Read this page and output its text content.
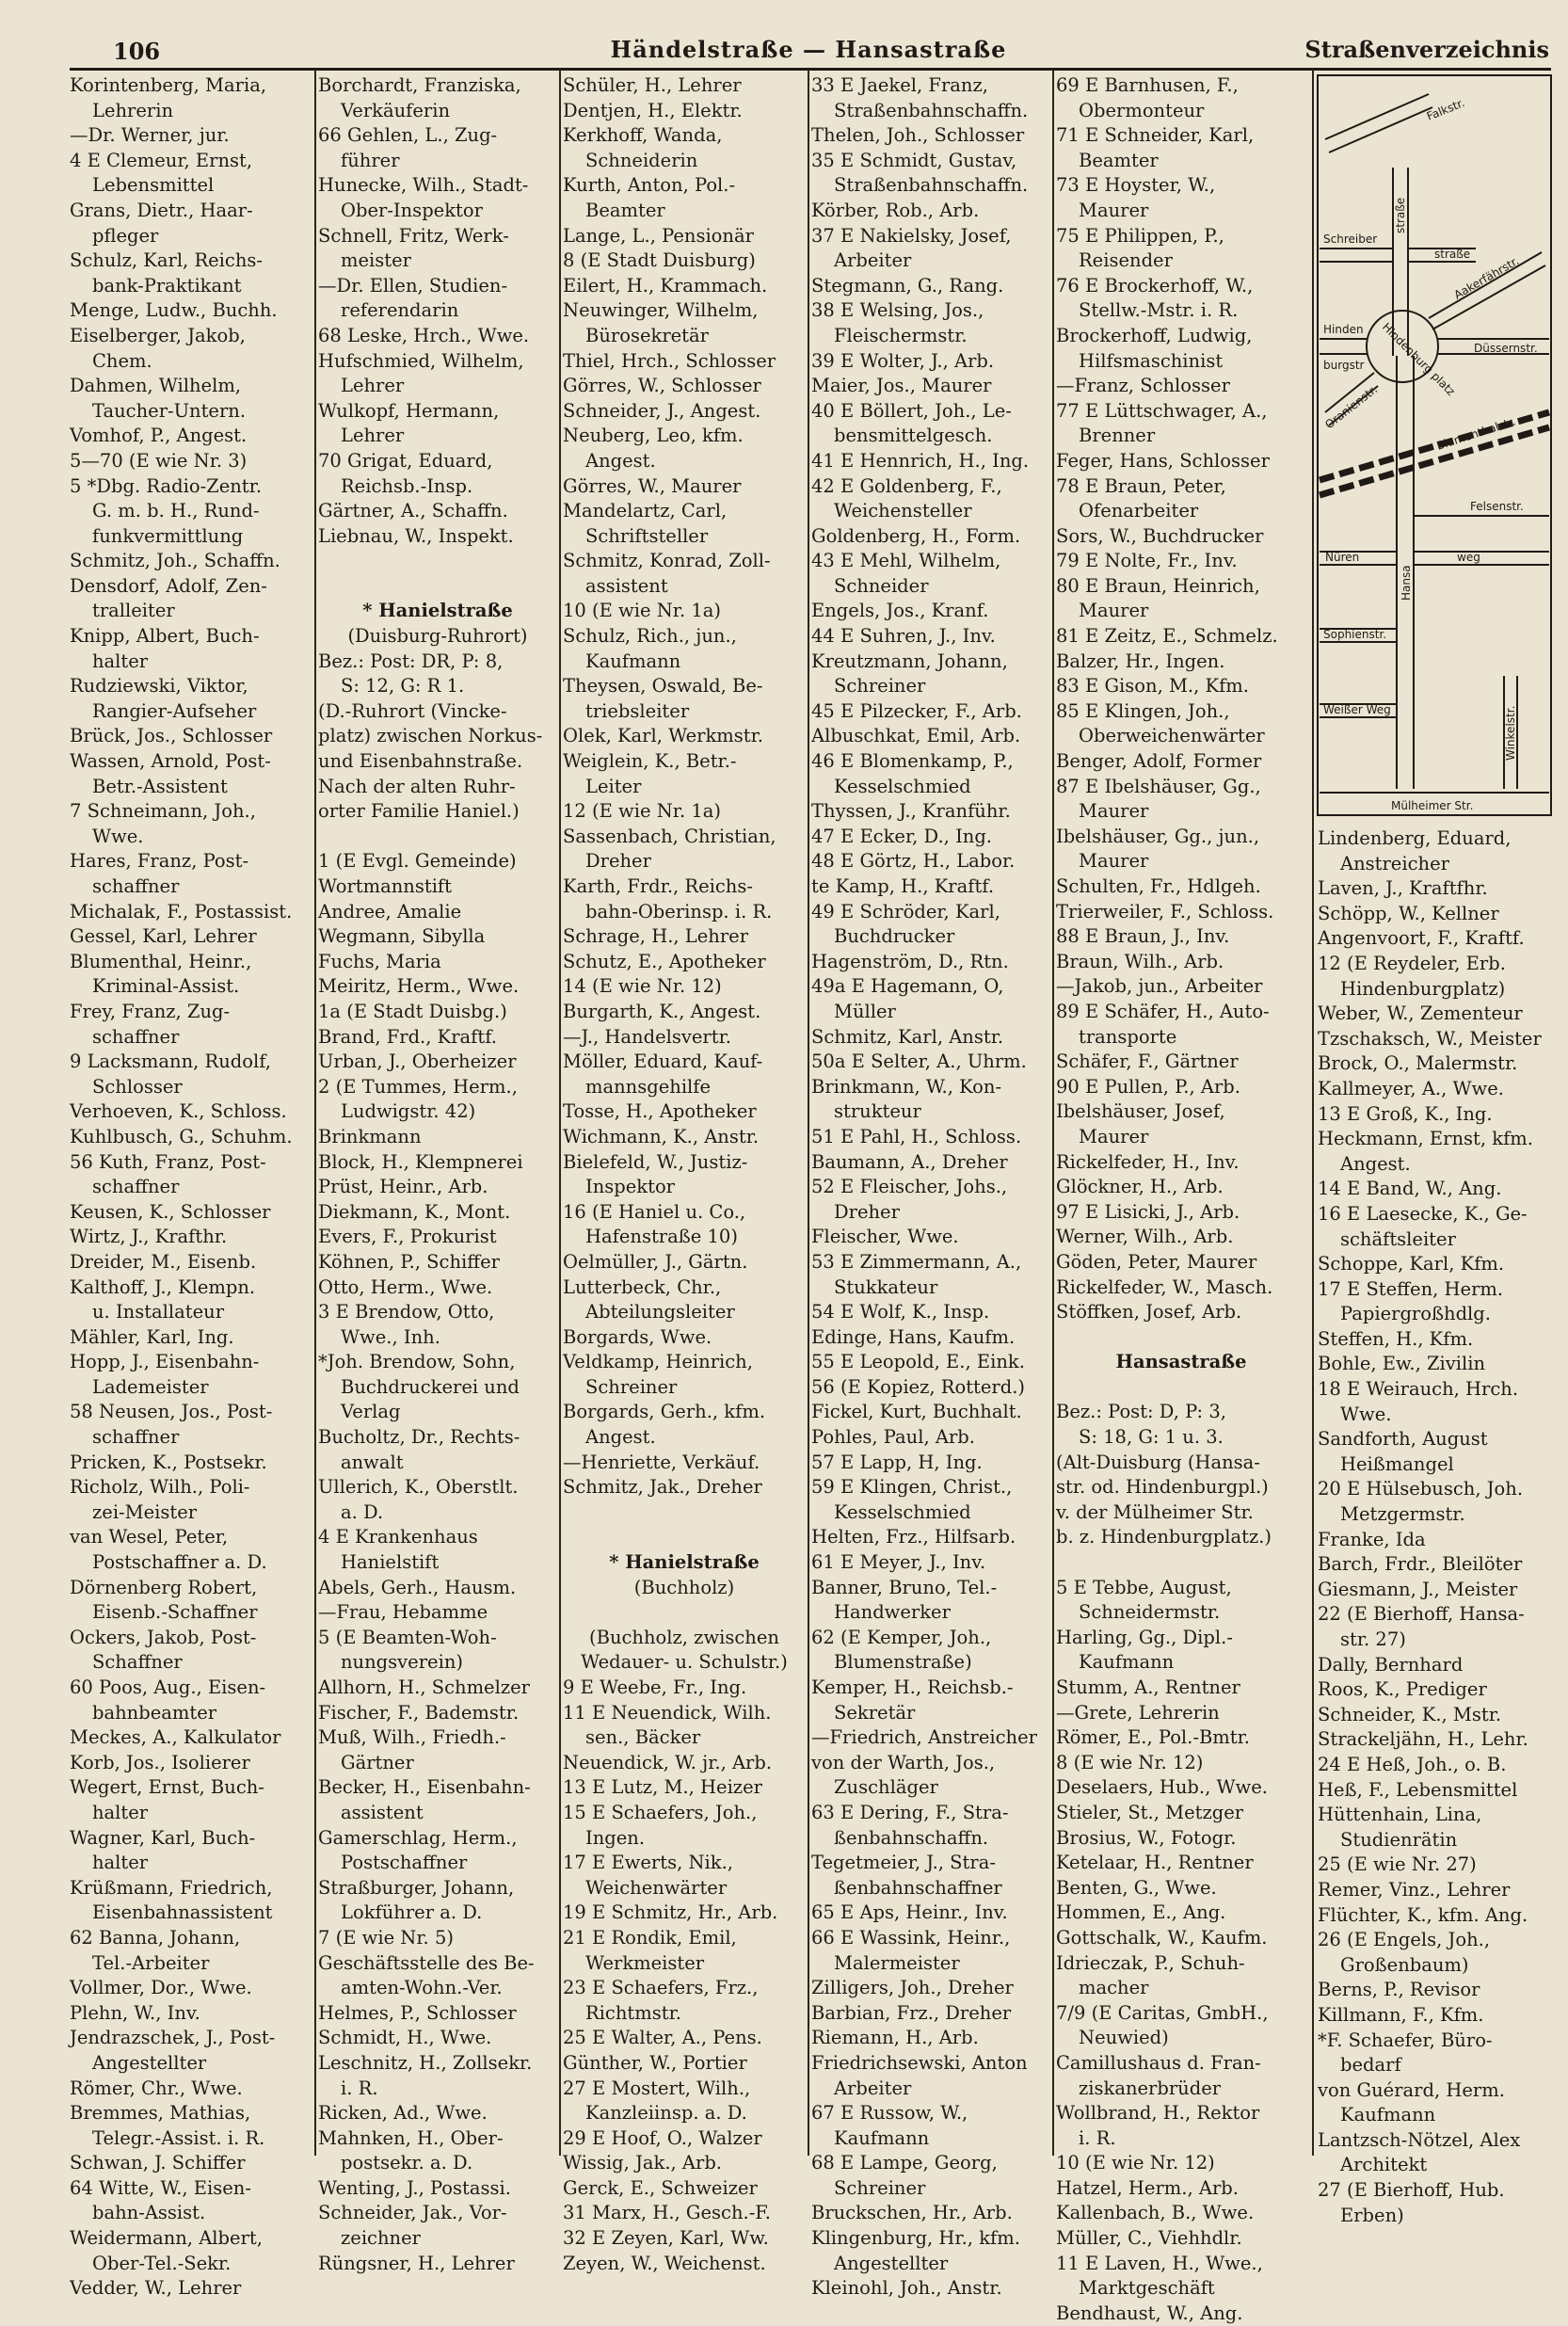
106	Händelstraße — Hansastraße	Straßenverzeichnis
Korintenberg, Maria,
Lehrerin
—Dr. Werner, jur.
4 E Clemeur, Ernst,
Lebensmittel
Grans, Dietr., Haar-
pfleger
Schulz, Karl, Reichs-
bank-Praktikant
Menge, Ludw., Buchh.
Eiselberger, Jakob,
Chem.
Dahmen, Wilhelm,
Taucher-Untern.
Vomhof, P., Angest.
5—70 (E wie Nr. 3)
5 *Dbg. Radio-Zentr.
G. m. b. H., Rund-
funkvermittlung
Schmitz, Joh., Schaffn.
Densdorf, Adolf, Zen-
tralleiter
Knipp, Albert, Buch-
halter
Rudziewski, Viktor,
Rangier-Aufseher
Brück, Jos., Schlosser
Wassen, Arnold, Post-
Betr.-Assistent
7 Schneimann, Joh.,
Wwe.
Hares, Franz, Post-
schaffner
Michalak, F., Postassist.
Gessel, Karl, Lehrer
Blumenthal, Heinr.,
Kriminal-Assist.
Frey, Franz, Zug-
schaffner
9 Lacksmann, Rudolf,
Schlosser
Verhoeven, K., Schloss.
Kuhlbusch, G., Schuhm.
56 Kuth, Franz, Post-
schaffner
Keusen, K., Schlosser
Wirtz, J., Krafthr.
Dreider, M., Eisenb.
Kalthoff, J., Klempn.
u. Installateur
Mähler, Karl, Ing.
Hopp, J., Eisenbahn-
Lademeister
58 Neusen, Jos., Post-
schaffner
Pricken, K., Postsekr.
Richolz, Wilh., Poli-
zei-Meister
van Wesel, Peter,
Postschaffner a. D.
Dörnenberg Robert,
Eisenb.-Schaffner
Ockers, Jakob, Post-
Schaffner
60 Poos, Aug., Eisen-
bahnbeamter
Meckes, A., Kalkulator
Korb, Jos., Isolierer
Wegert, Ernst, Buch-
halter
Wagner, Karl, Buch-
halter
Krüßmann, Friedrich,
Eisenbahnassistent
62 Banna, Johann,
Tel.-Arbeiter
Vollmer, Dor., Wwe.
Plehn, W., Inv.
Jendrazschek, J., Post-
Angestellter
Römer, Chr., Wwe.
Bremmes, Mathias,
Telegr.-Assist. i. R.
Schwan, J. Schiffer
64 Witte, W., Eisen-
bahn-Assist.
Weidermann, Albert,
Ober-Tel.-Sekr.
Vedder, W., Lehrer
Borchardt, Franziska,
Verkäuferin
66 Gehlen, L., Zug-
führer
Hunecke, Wilh., Stadt-
Ober-Inspektor
Schnell, Fritz, Werk-
meister
—Dr. Ellen, Studien-
referendarin
68 Leske, Hrch., Wwe.
Hufschmied, Wilhelm,
Lehrer
Wulkopf, Hermann,
Lehrer
70 Grigat, Eduard,
Reichsb.-Insp.
Gärtner, A., Schaffn.
Liebnau, W., Inspekt.

* Hanielstraße
(Duisburg-Ruhrort)
Bez.: Post: DR, P: 8,
S: 12, G: R 1.
(D.-Ruhrort (Vincke-
platz) zwischen Norkus-
und Eisenbahnstraße.
Nach der alten Ruhr-
orter Familie Haniel.)

1 (E Evgl. Gemeinde)
Wortmannstift
Andree, Amalie
Wegmann, Sibylla
Fuchs, Maria
Meiritz, Herm., Wwe.
1a (E Stadt Duisbg.)
Brand, Frd., Kraftf.
Urban, J., Oberheizer
2 (E Tummes, Herm.,
Ludwigstr. 42)
Brinkmann
Block, H., Klempnerei
Prüst, Heinr., Arb.
Diekmann, K., Mont.
Evers, F., Prokurist
Köhnen, P., Schiffer
Otto, Herm., Wwe.
3 E Brendow, Otto,
Wwe., Inh.
*Joh. Brendow, Sohn,
Buchdruckerei und
Verlag
Bucholtz, Dr., Rechts-
anwalt
Ullerich, K., Oberstlt.
a. D.
4 E Krankenhaus
Hanielstift
Abels, Gerh., Hausm.
—Frau, Hebamme
5 (E Beamten-Woh-
nungsverein)
Allhorn, H., Schmelzer
Fischer, F., Bademstr.
Muß, Wilh., Friedh.-
Gärtner
Becker, H., Eisenbahn-
assistent
Gamerschlag, Herm.,
Postschaffner
Straßburger, Johann,
Lokführer a. D.
7 (E wie Nr. 5)
Geschäftsstelle des Be-
amten-Wohn.-Ver.
Helmes, P., Schlosser
Schmidt, H., Wwe.
Leschnitz, H., Zollsekr.
i. R.
Ricken, Ad., Wwe.
Mahnken, H., Ober-
postsekr. a. D.
Wenting, J., Postassi.
Schneider, Jak., Vor-
zeichner
Rüngsner, H., Lehrer
Schüler, H., Lehrer
Dentjen, H., Elektr.
Kerkhoff, Wanda,
Schneiderin
Kurth, Anton, Pol.-
Beamter
Lange, L., Pensionär
8 (E Stadt Duisburg)
Eilert, H., Krammach.
Neuwinger, Wilhelm,
Bürosekretär
Thiel, Hrch., Schlosser
Görres, W., Schlosser
Schneider, J., Angest.
Neuberg, Leo, kfm.
Angest.
Görres, W., Maurer
Mandelartz, Carl,
Schriftsteller
Schmitz, Konrad, Zoll-
assistent
10 (E wie Nr. 1a)
Schulz, Rich., jun.,
Kaufmann
Theysen, Oswald, Be-
triebsleiter
Olek, Karl, Werkmstr.
Weiglein, K., Betr.-
Leiter
12 (E wie Nr. 1a)
Sassenbach, Christian,
Dreher
Karth, Frdr., Reichs-
bahn-Oberinsp. i. R.
Schrage, H., Lehrer
Schutz, E., Apotheker
14 (E wie Nr. 12)
Burgarth, K., Angest.
—J., Handelsvertr.
Möller, Eduard, Kauf-
mannsgehilfe
Tosse, H., Apotheker
Wichmann, K., Anstr.
Bielefeld, W., Justiz-
Inspektor
16 (E Haniel u. Co.,
Hafenstraße 10)
Oelmüller, J., Gärtn.
Lutterbeck, Chr.,
Abteilungsleiter
Borgards, Wwe.
Veldkamp, Heinrich,
Schreiner
Borgards, Gerh., kfm.
Angest.
—Henriette, Verkäuf.
Schmitz, Jak., Dreher

* Hanielstraße
(Buchholz)

(Buchholz, zwischen
Wedauer- u. Schulstr.)
9 E Weebe, Fr., Ing.
11 E Neuendick, Wilh.
sen., Bäcker
Neuendick, W. jr., Arb.
13 E Lutz, M., Heizer
15 E Schaefers, Joh.,
Ingen.
17 E Ewerts, Nik.,
Weichenwärter
19 E Schmitz, Hr., Arb.
21 E Rondik, Emil,
Werkmeister
23 E Schaefers, Frz.,
Richtmstr.
25 E Walter, A., Pens.
Günther, W., Portier
27 E Mostert, Wilh.,
Kanzleiinsp. a. D.
29 E Hoof, O., Walzer
Wissig, Jak., Arb.
Gerck, E., Schweizer
31 Marx, H., Gesch.-F.
32 E Zeyen, Karl, Ww.
Zeyen, W., Weichenst.
33 E Jaekel, Franz,
Straßenbahnschaffn.
Thelen, Joh., Schlosser
35 E Schmidt, Gustav,
Straßenbahnschaffn.
Körber, Rob., Arb.
37 E Nakielsky, Josef,
Arbeiter
Stegmann, G., Rang.
38 E Welsing, Jos.,
Fleischermstr.
39 E Wolter, J., Arb.
Maier, Jos., Maurer
40 E Böllert, Joh., Le-
bensmittelgesch.
41 E Hennrich, H., Ing.
42 E Goldenberg, F.,
Weichensteller
Goldenberg, H., Form.
43 E Mehl, Wilhelm,
Schneider
Engels, Jos., Kranf.
44 E Suhren, J., Inv.
Kreutzmann, Johann,
Schreiner
45 E Pilzecker, F., Arb.
Albuschkat, Emil, Arb.
46 E Blomenkamp, P.,
Kesselschmied
Thyssen, J., Kranführ.
47 E Ecker, D., Ing.
48 E Görtz, H., Labor.
te Kamp, H., Kraftf.
49 E Schröder, Karl,
Buchdrucker
Hagenström, D., Rtn.
49a E Hagemann, O,
Müller
Schmitz, Karl, Anstr.
50a E Selter, A., Uhrm.
Brinkmann, W., Kon-
strukteur
51 E Pahl, H., Schloss.
Baumann, A., Dreher
52 E Fleischer, Johs.,
Dreher
Fleischer, Wwe.
53 E Zimmermann, A.,
Stukkateur
54 E Wolf, K., Insp.
Edinge, Hans, Kaufm.
55 E Leopold, E., Eink.
56 (E Kopiez, Rotterd.)
Fickel, Kurt, Buchhalt.
Pohles, Paul, Arb.
57 E Lapp, H, Ing.
59 E Klingen, Christ.,
Kesselschmied
Helten, Frz., Hilfsarb.
61 E Meyer, J., Inv.
Banner, Bruno, Tel.-
Handwerker
62 (E Kemper, Joh.,
Blumenstraße)
Kemper, H., Reichsb.-
Sekretär
—Friedrich, Anstreicher
von der Warth, Jos.,
Zuschläger
63 E Dering, F., Stra-
ßenbahnschaffn.
Tegetmeier, J., Stra-
ßenbahnschaffner
65 E Aps, Heinr., Inv.
66 E Wassink, Heinr.,
Malermeister
Zilligers, Joh., Dreher
Barbian, Frz., Dreher
Riemann, H., Arb.
Friedrichsewski, Anton
Arbeiter
67 E Russow, W.,
Kaufmann
68 E Lampe, Georg,
Schreiner
Bruckschen, Hr., Arb.
Klingenburg, Hr., kfm.
Angestellter
Kleinohl, Joh., Anstr.
69 E Barnhusen, F.,
Obermonteur
71 E Schneider, Karl,
Beamter
73 E Hoyster, W.,
Maurer
75 E Philippen, P.,
Reisender
76 E Brockerhoff, W.,
Stellw.-Mstr. i. R.
Brockerhoff, Ludwig,
Hilfsmaschinist
—Franz, Schlosser
77 E Lüttschwager, A.,
Brenner
Feger, Hans, Schlosser
78 E Braun, Peter,
Ofenarbeiter
Sors, W., Buchdrucker
79 E Nolte, Fr., Inv.
80 E Braun, Heinrich,
Maurer
81 E Zeitz, E., Schmelz.
Balzer, Hr., Ingen.
83 E Gison, M., Kfm.
85 E Klingen, Joh.,
Oberweichenwärter
Benger, Adolf, Former
87 E Ibelshäuser, Gg.,
Maurer
Ibelshäuser, Gg., jun.,
Maurer
Schulten, Fr., Hdlgeh.
Trierweiler, F., Schloss.
88 E Braun, J., Inv.
Braun, Wilh., Arb.
—Jakob, jun., Arbeiter
89 E Schäfer, H., Auto-
transporte
Schäfer, F., Gärtner
90 E Pullen, P., Arb.
Ibelshäuser, Josef,
Maurer
Rickelfeder, H., Inv.
Glöckner, H., Arb.
97 E Lisicki, J., Arb.
Werner, Wilh., Arb.
Göden, Peter, Maurer
Rickelfeder, W., Masch.
Stöffken, Josef, Arb.

Hansastraße

Bez.: Post: D, P: 3,
S: 18, G: 1 u. 3.
(Alt-Duisburg (Hansa-
str. od. Hindenburgpl.)
v. der Mülheimer Str.
b. z. Hindenburgplatz.)

5 E Tebbe, August,
Schneidermstr.
Harling, Gg., Dipl.-
Kaufmann
Stumm, A., Rentner
—Grete, Lehrerin
Römer, E., Pol.-Bmtr.
8 (E wie Nr. 12)
Deselaers, Hub., Wwe.
Stieler, St., Metzger
Brosius, W., Fotogr.
Ketelaar, H., Rentner
Benten, G., Wwe.
Hommen, E., Ang.
Gottschalk, W., Kaufm.
Idrieczak, P., Schuh-
macher
7/9 (E Caritas, GmbH.,
Neuwied)
Camillushaus d. Fran-
ziskanerbrüder
Wollbrand, H., Rektor
i. R.
10 (E wie Nr. 12)
Hatzel, Herm., Arb.
Kallenbach, B., Wwe.
Müller, C., Viehhdlr.
11 E Laven, H., Wwe.,
Marktgeschäft
Bendhaust, W., Ang.
Lindenberg, Eduard,
Anstreicher
Laven, J., Kraftfhr.
Schöpp, W., Kellner
Angenvoort, F., Kraftf.
12 (E Reydeler, Erb.
Hindenburgplatz)
Weber, W., Zementeur
Tzschaksch, W., Meister
Brock, O., Malermstr.
Kallmeyer, A., Wwe.
13 E Groß, K., Ing.
Heckmann, Ernst, kfm.
Angest.
14 E Band, W., Ang.
16 E Laesecke, K., Ge-
schäftsleiter
Schoppe, Karl, Kfm.
17 E Steffen, Herm.
Papiergroßhdlg.
Steffen, H., Kfm.
Bohle, Ew., Zivilin
18 E Weirauch, Hrch.
Wwe.
Sandforth, August
Heißmangel
20 E Hülsebusch, Joh.
Metzgermstr.
Franke, Ida
Barch, Frdr., Bleilöter
Giesmann, J., Meister
22 (E Bierhoff, Hansa-
str. 27)
Dally, Bernhard
Roos, K., Prediger
Schneider, K., Mstr.
Strackeljähn, H., Lehr.
24 E Heß, Joh., o. B.
Heß, F., Lebensmittel
Hüttenhain, Lina,
Studienrätin
25 (E wie Nr. 27)
Remer, Vinz., Lehrer
Flüchter, K., kfm. Ang.
26 (E Engels, Joh.,
Großenbaum)
Berns, P., Revisor
Killmann, F., Kfm.
*F. Schaefer, Büro-
bedarf
von Guérard, Herm.
Kaufmann
Lantzsch-Nötzel, Alex
Architekt
27 (E Bierhoff, Hub.
Erben)
Falkstr.
Schreiber
straße
straße
Aakerfährstr.
Hinden
burgstr Hindenburg platz Düssernstr.
Oranienstr.
Blumenthalstr.
Felsenstr.
Nüren	weg
Hansa
Sophienstr.
Weißer Weg	Winkelstr.
Mülheimer Str.
